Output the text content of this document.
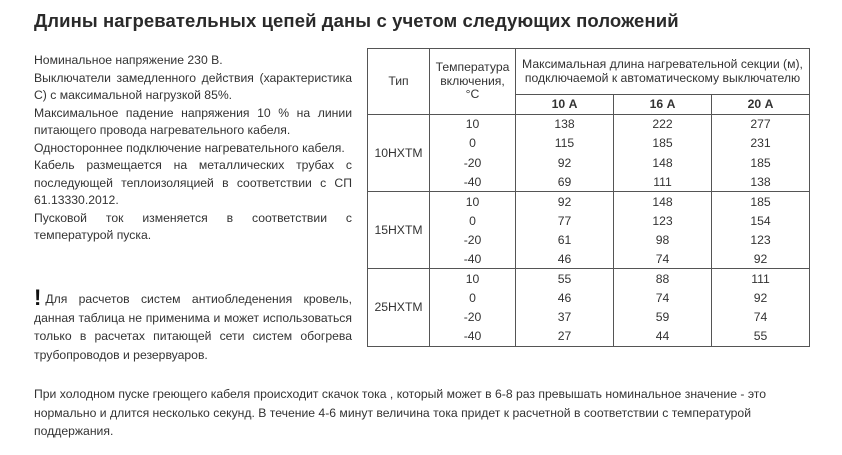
Длины нагревательных цепей даны с учетом следующих положений

Номинальное напряжение 230 В.

Выключатели замедленного действия (характеристика С) с максимальной нагрузкой 85%.

Максимальное падение напряжения 10 % на линии питающего провода нагревательного кабеля.

Одностороннее подключение нагревательного кабеля.

Кабель размещается на металлических трубах с последующей теплоизоляцией в соответствии с СП 61.13330.2012.

Пусковой ток изменяется в соответствии с температурой пуска.

! Для расчетов систем антиобледенения кровель, данная таблица не применима и может использоваться только в расчетах питающей сети систем обогрева трубопроводов и резервуаров.
При холодном пуске греющего кабеля происходит скачок тока , который может в 6-8 раз превышать номинальное значение - это нормально и длится несколько секунд. В течение 4-6 минут величина тока придет к расчетной в соответствии с температурой поддержания.
Тип	Температура включения, °С	Максимальная длина нагревательной секции (м), подключаемой к автоматическому выключателю		
		10 А	16 А	20 А
10НХТМ	10	138	222	277
	0	115	185	231
	-20	92	148	185
	-40	69	111	138
15НХТМ	10	92	148	185
	0	77	123	154
	-20	61	98	123
	-40	46	74	92
25НХТМ	10	55	88	111
	0	46	74	92
	-20	37	59	74
	-40	27	44	55
